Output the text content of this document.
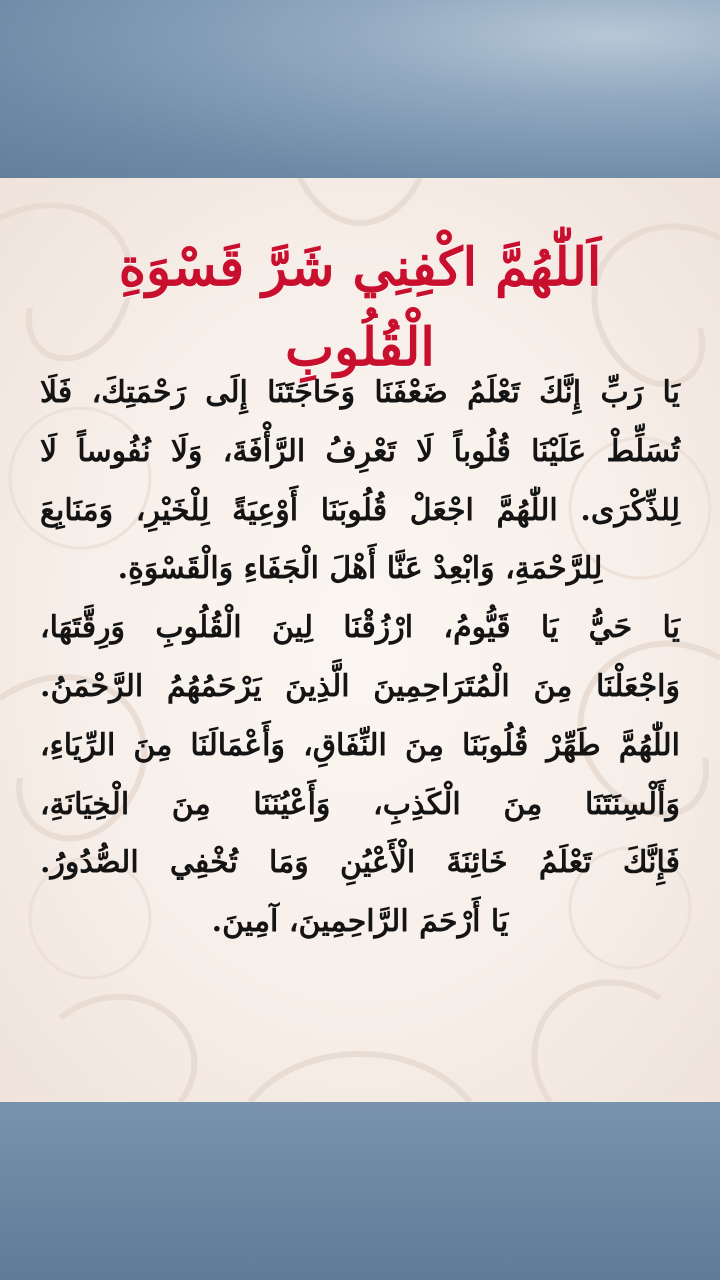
اَللّٰهُمَّ اكْفِنِي شَرَّ قَسْوَةِ الْقُلُوبِ
يَا رَبِّ إِنَّكَ تَعْلَمُ ضَعْفَنَا وَحَاجَتَنَا إِلَى رَحْمَتِكَ، فَلَا
تُسَلِّطْ عَلَيْنَا قُلُوباً لَا تَعْرِفُ الرَّأْفَةَ، وَلَا نُفُوساً لَا
لِلذِّكْرَى. اللّٰهُمَّ اجْعَلْ قُلُوبَنَا أَوْعِيَةً لِلْخَيْرِ، وَمَنَابِعَ
لِلرَّحْمَةِ، وَابْعِدْ عَنَّا أَهْلَ الْجَفَاءِ وَالْقَسْوَةِ.
يَا حَيُّ يَا قَيُّومُ، ارْزُقْنَا لِينَ الْقُلُوبِ وَرِقَّتَهَا،
وَاجْعَلْنَا مِنَ الْمُتَرَاحِمِينَ الَّذِينَ يَرْحَمُهُمُ الرَّحْمَنُ.
اللّٰهُمَّ طَهِّرْ قُلُوبَنَا مِنَ النِّفَاقِ، وَأَعْمَالَنَا مِنَ الرِّيَاءِ،
وَأَلْسِنَتَنَا مِنَ الْكَذِبِ، وَأَعْيُنَنَا مِنَ الْخِيَانَةِ،
فَإِنَّكَ تَعْلَمُ خَائِنَةَ الْأَعْيُنِ وَمَا تُخْفِي الصُّدُورُ.
يَا أَرْحَمَ الرَّاحِمِينَ، آمِينَ.
